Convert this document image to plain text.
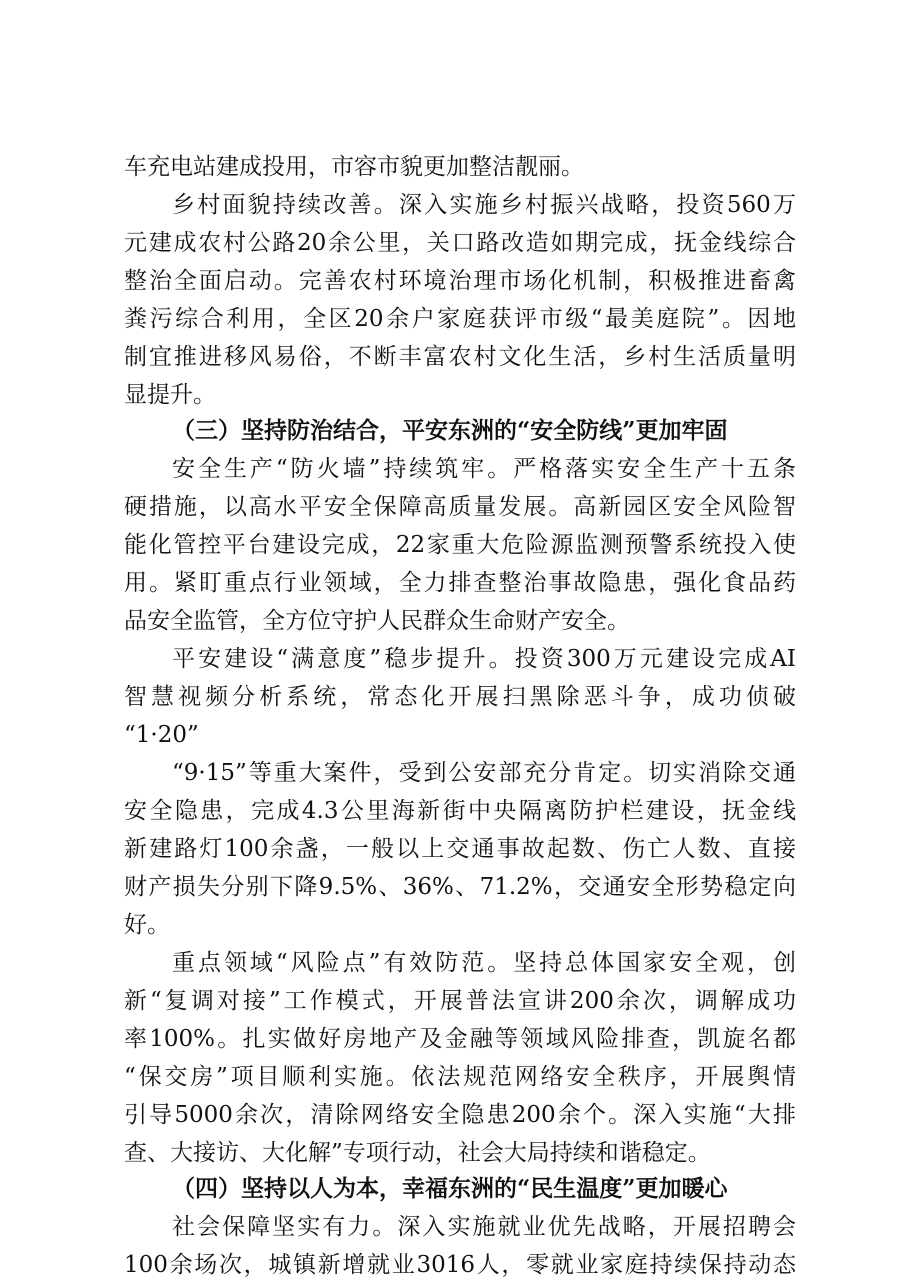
车充电站建成投用，市容市貌更加整洁靓丽。
乡村面貌持续改善。深入实施乡村振兴战略，投资560万
元建成农村公路20余公里，关口路改造如期完成，抚金线综合
整治全面启动。完善农村环境治理市场化机制，积极推进畜禽
粪污综合利用，全区20余户家庭获评市级“最美庭院”。因地
制宜推进移风易俗，不断丰富农村文化生活，乡村生活质量明
显提升。
（三）坚持防治结合，平安东洲的“安全防线”更加牢固
安全生产“防火墙”持续筑牢。严格落实安全生产十五条
硬措施，以高水平安全保障高质量发展。高新园区安全风险智
能化管控平台建设完成，22家重大危险源监测预警系统投入使
用。紧盯重点行业领域，全力排查整治事故隐患，强化食品药
品安全监管，全方位守护人民群众生命财产安全。
平安建设“满意度”稳步提升。投资300万元建设完成AI
智慧视频分析系统，常态化开展扫黑除恶斗争，成功侦破
“1·20”
“9·15”等重大案件，受到公安部充分肯定。切实消除交通
安全隐患，完成4.3公里海新街中央隔离防护栏建设，抚金线
新建路灯100余盏，一般以上交通事故起数、伤亡人数、直接
财产损失分别下降9.5%、36%、71.2%，交通安全形势稳定向
好。
重点领域“风险点”有效防范。坚持总体国家安全观，创
新“复调对接”工作模式，开展普法宣讲200余次，调解成功
率100%。扎实做好房地产及金融等领域风险排查，凯旋名都
“保交房”项目顺利实施。依法规范网络安全秩序，开展舆情
引导5000余次，清除网络安全隐患200余个。深入实施“大排
查、大接访、大化解”专项行动，社会大局持续和谐稳定。
（四）坚持以人为本，幸福东洲的“民生温度”更加暖心
社会保障坚实有力。深入实施就业优先战略，开展招聘会
100余场次，城镇新增就业3016人，零就业家庭持续保持动态
